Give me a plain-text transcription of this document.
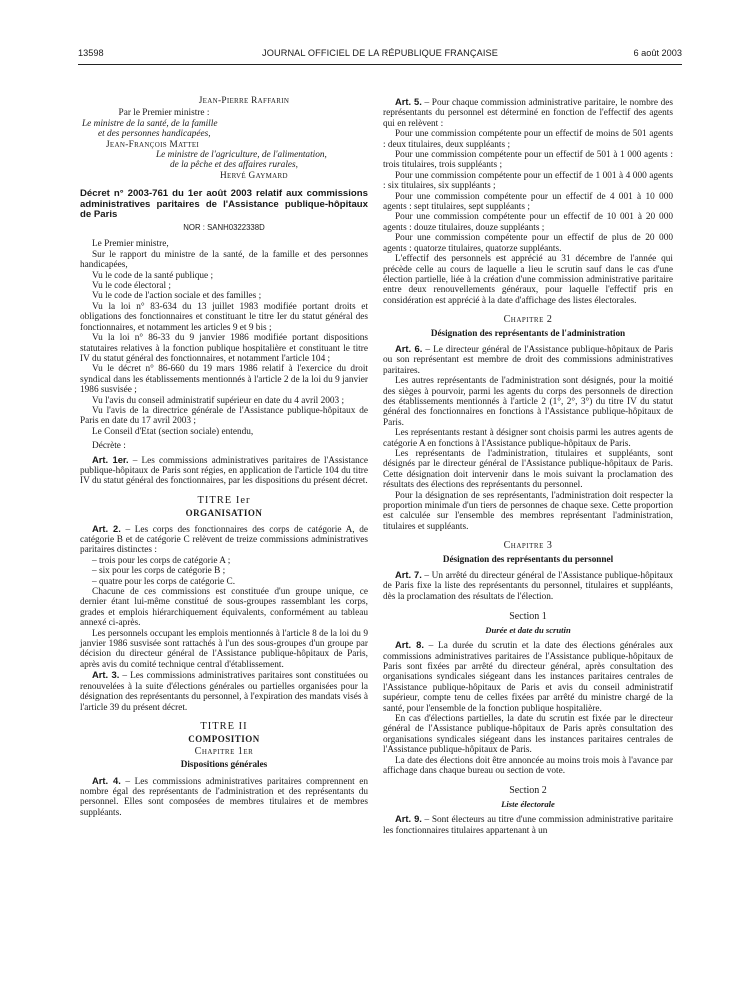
13598	JOURNAL OFFICIEL DE LA RÉPUBLIQUE FRANÇAISE	6 août 2003

Jean-Pierre Raffarin

Par le Premier ministre :

Le ministre de la santé, de la famille

et des personnes handicapées,

Jean-François Mattei

Le ministre de l'agriculture, de l'alimentation,

de la pêche et des affaires rurales,

Hervé Gaymard

Décret n° 2003-761 du 1er août 2003 relatif aux commissions administratives paritaires de l'Assistance publique-hôpitaux de Paris

NOR : SANH0322338D

Le Premier ministre,

Sur le rapport du ministre de la santé, de la famille et des personnes handicapées,

Vu le code de la santé publique ;

Vu le code électoral ;

Vu le code de l'action sociale et des familles ;

Vu la loi n° 83-634 du 13 juillet 1983 modifiée portant droits et obligations des fonctionnaires et constituant le titre Ier du statut général des fonctionnaires, et notamment les articles 9 et 9 bis ;

Vu la loi n° 86-33 du 9 janvier 1986 modifiée portant dispositions statutaires relatives à la fonction publique hospitalière et constituant le titre IV du statut général des fonctionnaires, et notamment l'article 104 ;

Vu le décret n° 86-660 du 19 mars 1986 relatif à l'exercice du droit syndical dans les établissements mentionnés à l'article 2 de la loi du 9 janvier 1986 susvisée ;

Vu l'avis du conseil administratif supérieur en date du 4 avril 2003 ;

Vu l'avis de la directrice générale de l'Assistance publique-hôpitaux de Paris en date du 17 avril 2003 ;

Le Conseil d'Etat (section sociale) entendu,

Décrète :

Art. 1er. – Les commissions administratives paritaires de l'Assistance publique-hôpitaux de Paris sont régies, en application de l'article 104 du titre IV du statut général des fonctionnaires, par les dispositions du présent décret.

TITRE Ier

ORGANISATION

Art. 2. – Les corps des fonctionnaires des corps de catégorie A, de catégorie B et de catégorie C relèvent de treize commissions administratives paritaires distinctes :

– trois pour les corps de catégorie A ;

– six pour les corps de catégorie B ;

– quatre pour les corps de catégorie C.

Chacune de ces commissions est constituée d'un groupe unique, ce dernier étant lui-même constitué de sous-groupes rassemblant les corps, grades et emplois hiérarchiquement équivalents, conformément au tableau annexé ci-après.

Les personnels occupant les emplois mentionnés à l'article 8 de la loi du 9 janvier 1986 susvisée sont rattachés à l'un des sous-groupes d'un groupe par décision du directeur général de l'Assistance publique-hôpitaux de Paris, après avis du comité technique central d'établissement.

Art. 3. – Les commissions administratives paritaires sont constituées ou renouvelées à la suite d'élections générales ou partielles organisées pour la désignation des représentants du personnel, à l'expiration des mandats visés à l'article 39 du présent décret.

TITRE II

COMPOSITION

Chapitre 1er

Dispositions générales

Art. 4. – Les commissions administratives paritaires comprennent en nombre égal des représentants de l'administration et des représentants du personnel. Elles sont composées de membres titulaires et de membres suppléants.

Art. 5. – Pour chaque commission administrative paritaire, le nombre des représentants du personnel est déterminé en fonction de l'effectif des agents qui en relèvent :

Pour une commission compétente pour un effectif de moins de 501 agents : deux titulaires, deux suppléants ;

Pour une commission compétente pour un effectif de 501 à 1 000 agents : trois titulaires, trois suppléants ;

Pour une commission compétente pour un effectif de 1 001 à 4 000 agents : six titulaires, six suppléants ;

Pour une commission compétente pour un effectif de 4 001 à 10 000 agents : sept titulaires, sept suppléants ;

Pour une commission compétente pour un effectif de 10 001 à 20 000 agents : douze titulaires, douze suppléants ;

Pour une commission compétente pour un effectif de plus de 20 000 agents : quatorze titulaires, quatorze suppléants.

L'effectif des personnels est apprécié au 31 décembre de l'année qui précède celle au cours de laquelle a lieu le scrutin sauf dans le cas d'une élection partielle, liée à la création d'une commission administrative paritaire entre deux renouvellements généraux, pour laquelle l'effectif pris en considération est apprécié à la date d'affichage des listes électorales.

Chapitre 2

Désignation des représentants de l'administration

Art. 6. – Le directeur général de l'Assistance publique-hôpitaux de Paris ou son représentant est membre de droit des commissions administratives paritaires.

Les autres représentants de l'administration sont désignés, pour la moitié des sièges à pourvoir, parmi les agents du corps des personnels de direction des établissements mentionnés à l'article 2 (1°, 2°, 3°) du titre IV du statut général des fonctionnaires en fonctions à l'Assistance publique-hôpitaux de Paris.

Les représentants restant à désigner sont choisis parmi les autres agents de catégorie A en fonctions à l'Assistance publique-hôpitaux de Paris.

Les représentants de l'administration, titulaires et suppléants, sont désignés par le directeur général de l'Assistance publique-hôpitaux de Paris. Cette désignation doit intervenir dans le mois suivant la proclamation des résultats des élections des représentants du personnel.

Pour la désignation de ses représentants, l'administration doit respecter la proportion minimale d'un tiers de personnes de chaque sexe. Cette proportion est calculée sur l'ensemble des membres représentant l'administration, titulaires et suppléants.

Chapitre 3

Désignation des représentants du personnel

Art. 7. – Un arrêté du directeur général de l'Assistance publique-hôpitaux de Paris fixe la liste des représentants du personnel, titulaires et suppléants, dès la proclamation des résultats de l'élection.

Section 1

Durée et date du scrutin

Art. 8. – La durée du scrutin et la date des élections générales aux commissions administratives paritaires de l'Assistance publique-hôpitaux de Paris sont fixées par arrêté du directeur général, après consultation des organisations syndicales siégeant dans les instances paritaires centrales de l'Assistance publique-hôpitaux de Paris et avis du conseil administratif supérieur, compte tenu de celles fixées par arrêté du ministre chargé de la santé, pour l'ensemble de la fonction publique hospitalière.

En cas d'élections partielles, la date du scrutin est fixée par le directeur général de l'Assistance publique-hôpitaux de Paris après consultation des organisations syndicales siégeant dans les instances paritaires centrales de l'Assistance publique-hôpitaux de Paris.

La date des élections doit être annoncée au moins trois mois à l'avance par affichage dans chaque bureau ou section de vote.

Section 2

Liste électorale

Art. 9. – Sont électeurs au titre d'une commission administrative paritaire les fonctionnaires titulaires appartenant à un
